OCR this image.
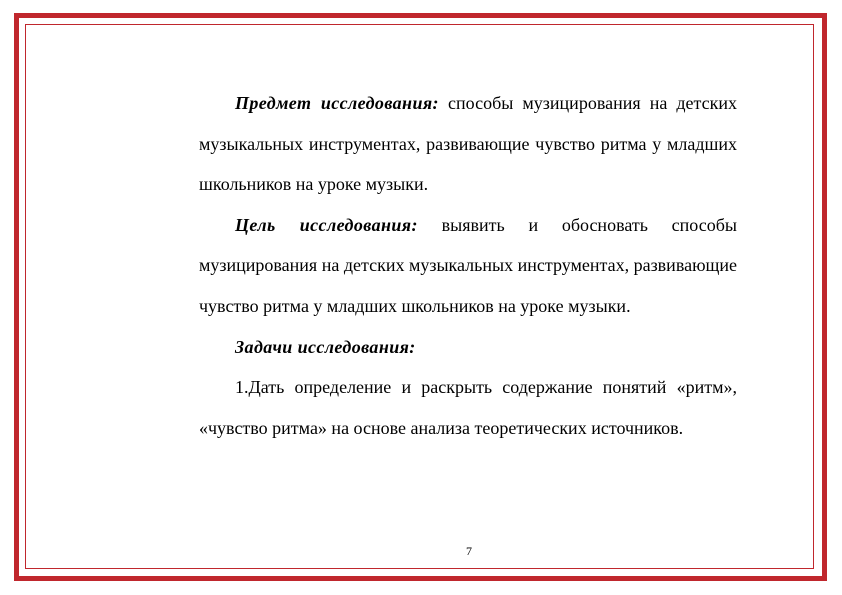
Предмет исследования: способы музицирования на детских музыкальных инструментах, развивающие чувство ритма у младших школьников на уроке музыки.

Цель исследования: выявить и обосновать способы музицирования на детских музыкальных инструментах, развивающие чувство ритма у младших школьников на уроке музыки.

Задачи исследования:

1.Дать определение и раскрыть содержание понятий «ритм», «чувство ритма» на основе анализа теоретических источников.

7
